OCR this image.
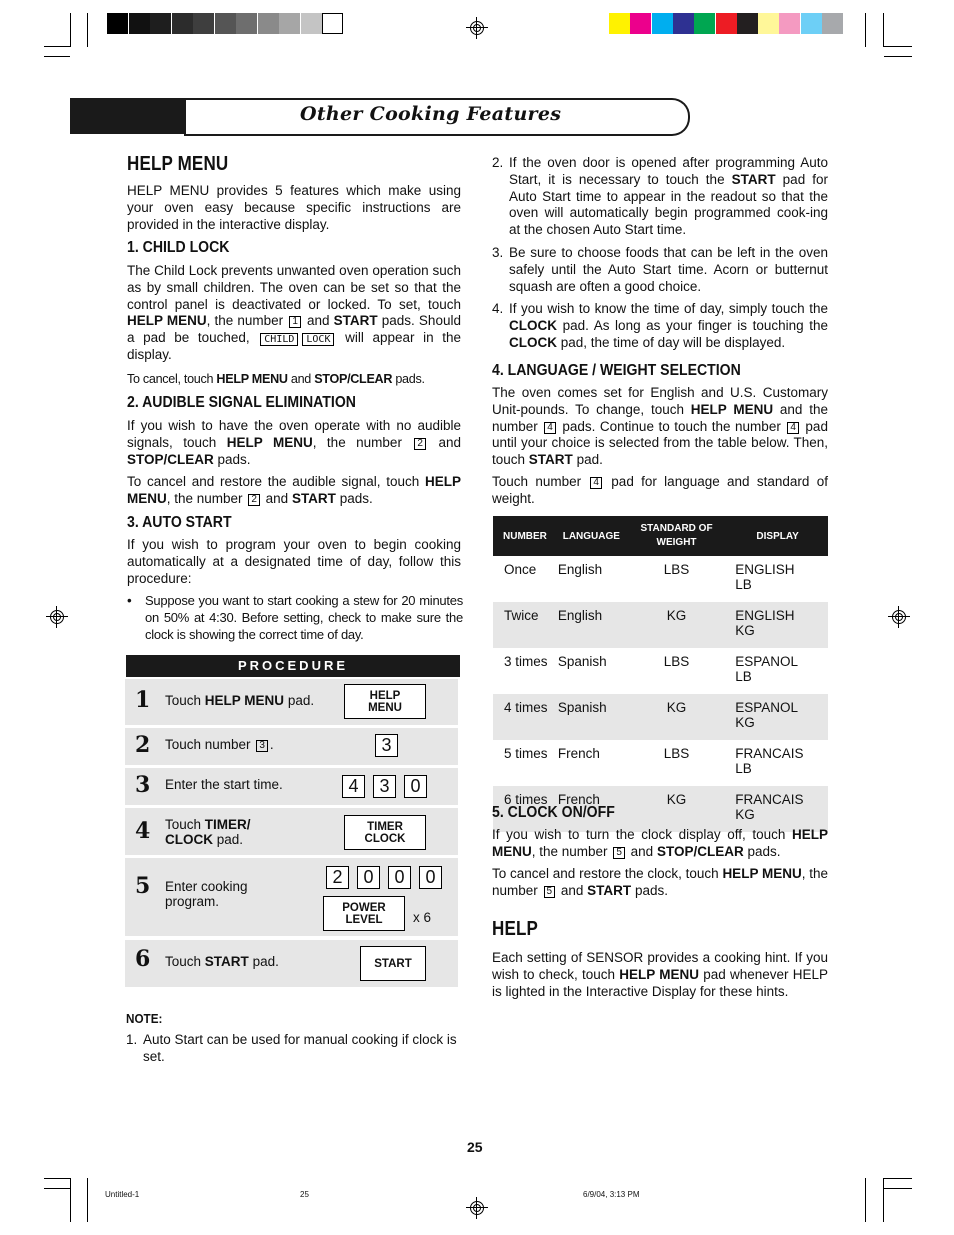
Other Cooking Features
HELP MENU
HELP MENU provides 5 features which make using your oven easy because specific instructions are provided in the interactive display.
1. CHILD LOCK
The Child Lock prevents unwanted oven operation such as by small children. The oven can be set so that the control panel is deactivated or locked. To set, touch HELP MENU, the number 1 and START pads. Should a pad be touched, CHILD LOCK will appear in the display.
To cancel, touch HELP MENU and STOP/CLEAR pads.
2. AUDIBLE SIGNAL ELIMINATION
If you wish to have the oven operate with no audible signals, touch HELP MENU, the number 2 and STOP/CLEAR pads.
To cancel and restore the audible signal, touch HELP MENU, the number 2 and START pads.
3. AUTO START
If you wish to program your oven to begin cooking automatically at a designated time of day, follow this procedure:
• Suppose you want to start cooking a stew for 20 minutes on 50% at 4:30. Before setting, check to make sure the clock is showing the correct time of day.
PROCEDURE
1 Touch HELP MENU pad.	HELP
MENU
2 Touch number 3 .	3
3 Enter the start time.	4	3	0
4 Touch TIMER/
CLOCK pad.
TIMER
CLOCK
5 Enter cooking
program.
2	0	0	0
POWER
LEVEL x 6
6 Touch START pad.	START
NOTE:
1. Auto Start can be used for manual cooking if clock is set.
2. If the oven door is opened after programming Auto Start, it is necessary to touch the START pad for Auto Start time to appear in the readout so that the oven will automatically begin programmed cook-ing at the chosen Auto Start time.
3. Be sure to choose foods that can be left in the oven safely until the Auto Start time. Acorn or butternut squash are often a good choice.
4. If you wish to know the time of day, simply touch the CLOCK pad. As long as your finger is touching the CLOCK pad, the time of day will be displayed.
4. LANGUAGE / WEIGHT SELECTION
The oven comes set for English and U.S. Customary Unit-pounds. To change, touch HELP MENU and the number 4 pads. Continue to touch the number 4 pad until your choice is selected from the table below. Then, touch START pad.
Touch number 4 pad for language and standard of weight.
NUMBER	LANGUAGE	STANDARD OF WEIGHT	DISPLAY
Once	English	LBS	ENGLISH LB
Twice	English	KG	ENGLISH KG
3 times	Spanish	LBS	ESPANOL LB
4 times	Spanish	KG	ESPANOL KG
5 times	French	LBS	FRANCAIS LB
6 times	French	KG	FRANCAIS KG
5. CLOCK ON/OFF
If you wish to turn the clock display off, touch HELP MENU, the number 5 and STOP/CLEAR pads.
To cancel and restore the clock, touch HELP MENU, the number 5 and START pads.
HELP
Each setting of SENSOR provides a cooking hint. If you wish to check, touch HELP MENU pad whenever HELP is lighted in the Interactive Display for these hints.
25
Untitled-1	25	6/9/04, 3:13 PM
